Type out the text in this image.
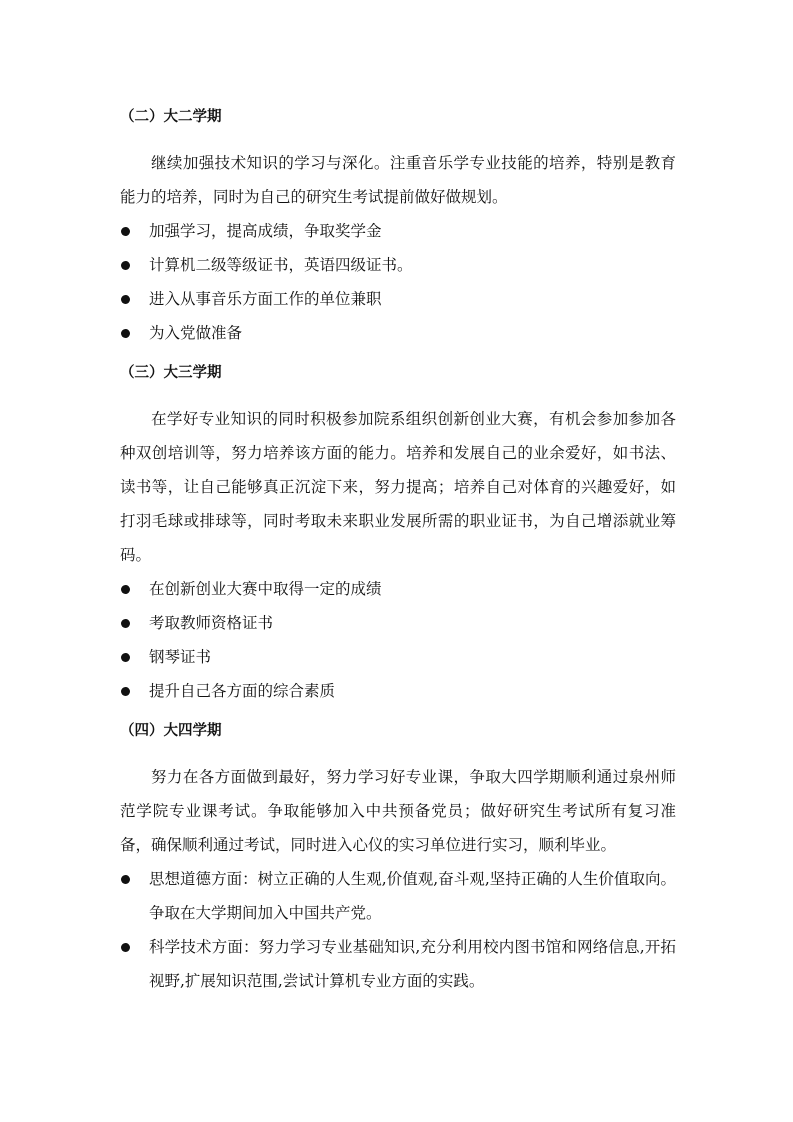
（二）大二学期
继续加强技术知识的学习与深化。注重音乐学专业技能的培养，特别是教育能力的培养，同时为自己的研究生考试提前做好做规划。
加强学习，提高成绩，争取奖学金
计算机二级等级证书，英语四级证书。
进入从事音乐方面工作的单位兼职
为入党做准备
（三）大三学期
在学好专业知识的同时积极参加院系组织创新创业大赛，有机会参加参加各种双创培训等，努力培养该方面的能力。培养和发展自己的业余爱好，如书法、读书等，让自己能够真正沉淀下来，努力提高；培养自己对体育的兴趣爱好，如打羽毛球或排球等，同时考取未来职业发展所需的职业证书，为自己增添就业筹码。
在创新创业大赛中取得一定的成绩
考取教师资格证书
钢琴证书
提升自己各方面的综合素质
（四）大四学期
努力在各方面做到最好，努力学习好专业课，争取大四学期顺利通过泉州师范学院专业课考试。争取能够加入中共预备党员；做好研究生考试所有复习准备，确保顺利通过考试，同时进入心仪的实习单位进行实习，顺利毕业。
思想道德方面：树立正确的人生观,价值观,奋斗观,坚持正确的人生价值取向。争取在大学期间加入中国共产党。
科学技术方面：努力学习专业基础知识,充分利用校内图书馆和网络信息,开拓视野,扩展知识范围,尝试计算机专业方面的实践。
